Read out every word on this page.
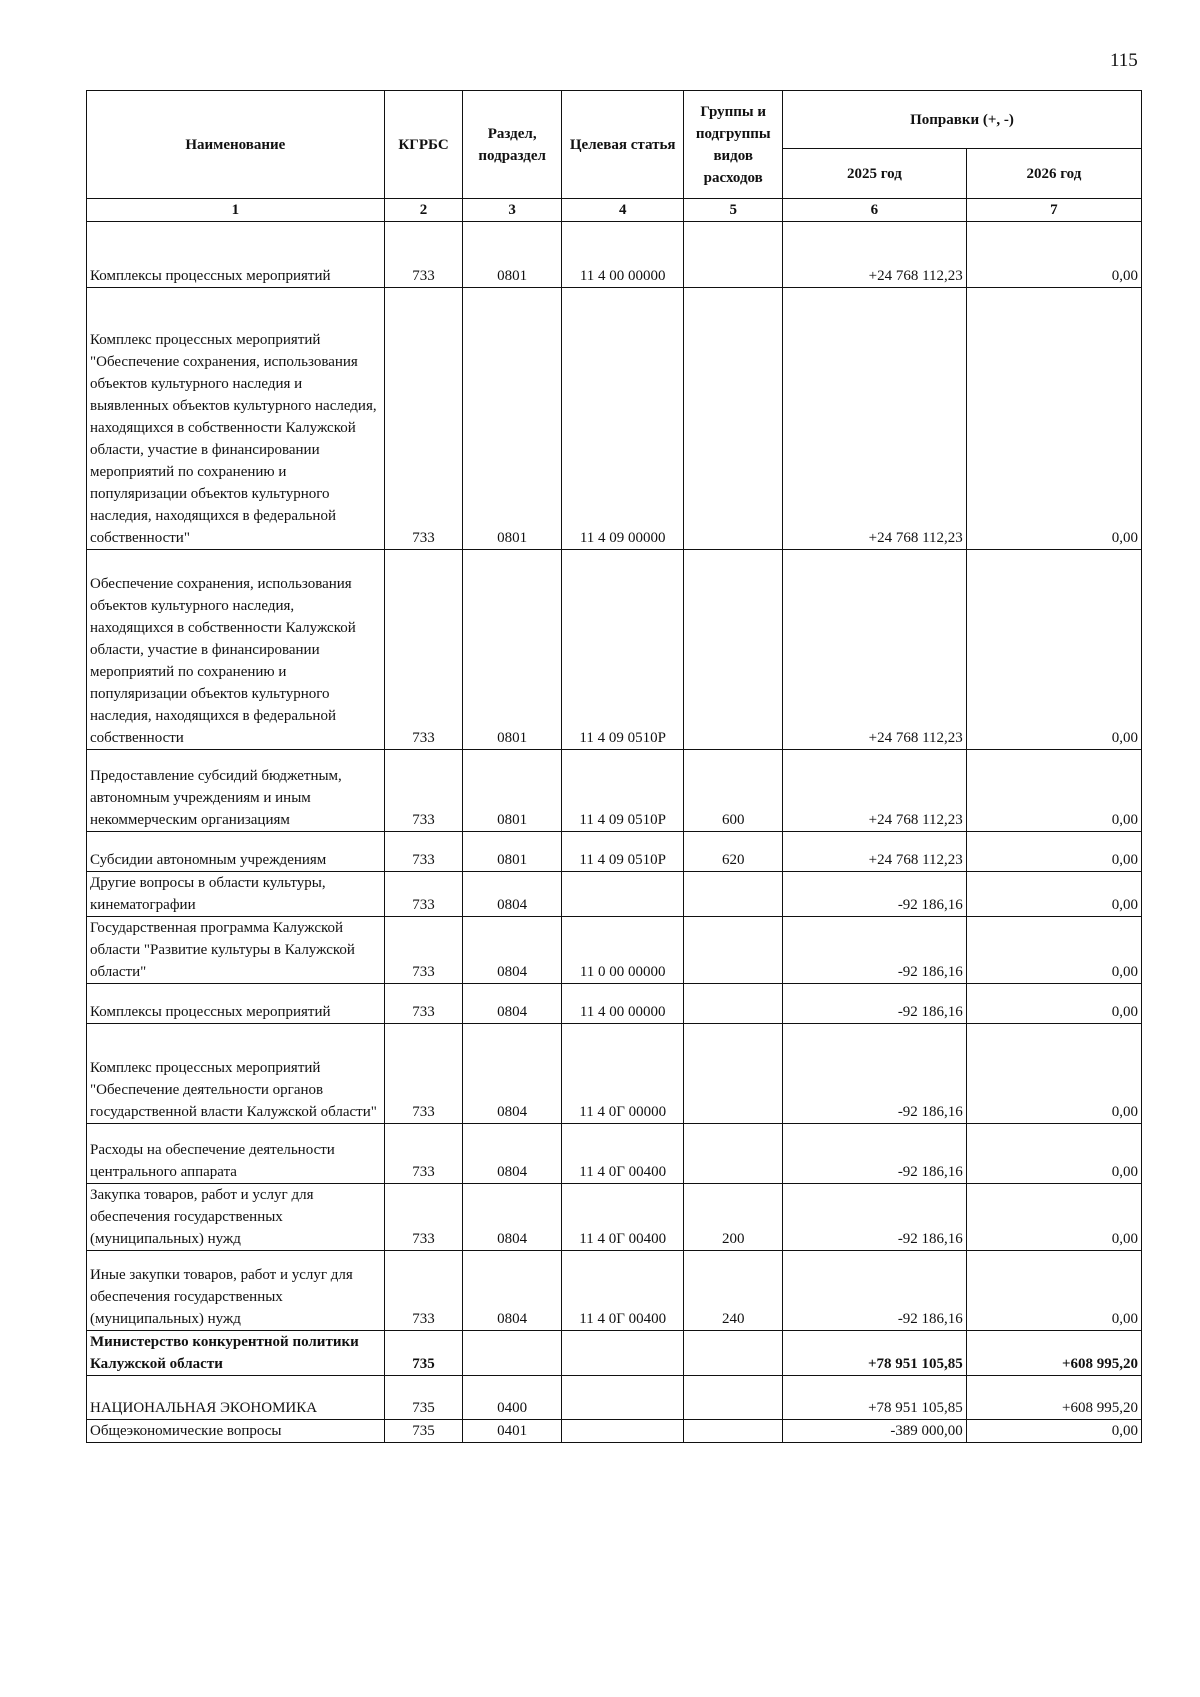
115
Наименование	КГРБС	Раздел, подраздел	Целевая статья	Группы и подгруппы видов расходов	Поправки (+, -)	
					2025 год	2026 год
1	2	3	4	5	6	7
Комплексы процессных мероприятий	733	0801	11 4 00 00000		+24 768 112,23	0,00
Комплекс процессных мероприятий "Обеспечение сохранения, использования объектов культурного наследия и выявленных объектов культурного наследия, находящихся в собственности Калужской области, участие в финансировании мероприятий по сохранению и популяризации объектов культурного наследия, находящихся в федеральной собственности"	733	0801	11 4 09 00000		+24 768 112,23	0,00
Обеспечение сохранения, использования объектов культурного наследия, находящихся в собственности Калужской области, участие в финансировании мероприятий по сохранению и популяризации объектов культурного наследия, находящихся в федеральной собственности	733	0801	11 4 09 0510P		+24 768 112,23	0,00
Предоставление субсидий бюджетным, автономным учреждениям и иным некоммерческим организациям	733	0801	11 4 09 0510P	600	+24 768 112,23	0,00
Субсидии автономным учреждениям	733	0801	11 4 09 0510P	620	+24 768 112,23	0,00
Другие вопросы в области культуры, кинематографии	733	0804			-92 186,16	0,00
Государственная программа Калужской области "Развитие культуры в Калужской области"	733	0804	11 0 00 00000		-92 186,16	0,00
Комплексы процессных мероприятий	733	0804	11 4 00 00000		-92 186,16	0,00
Комплекс процессных мероприятий "Обеспечение деятельности органов государственной власти Калужской области"	733	0804	11 4 0Г 00000		-92 186,16	0,00
Расходы на обеспечение деятельности центрального аппарата	733	0804	11 4 0Г 00400		-92 186,16	0,00
Закупка товаров, работ и услуг для обеспечения государственных (муниципальных) нужд	733	0804	11 4 0Г 00400	200	-92 186,16	0,00
Иные закупки товаров, работ и услуг для обеспечения государственных (муниципальных) нужд	733	0804	11 4 0Г 00400	240	-92 186,16	0,00
Министерство конкурентной политики Калужской области	735				+78 951 105,85	+608 995,20
НАЦИОНАЛЬНАЯ ЭКОНОМИКА	735	0400			+78 951 105,85	+608 995,20
Общеэкономические вопросы	735	0401			-389 000,00	0,00
